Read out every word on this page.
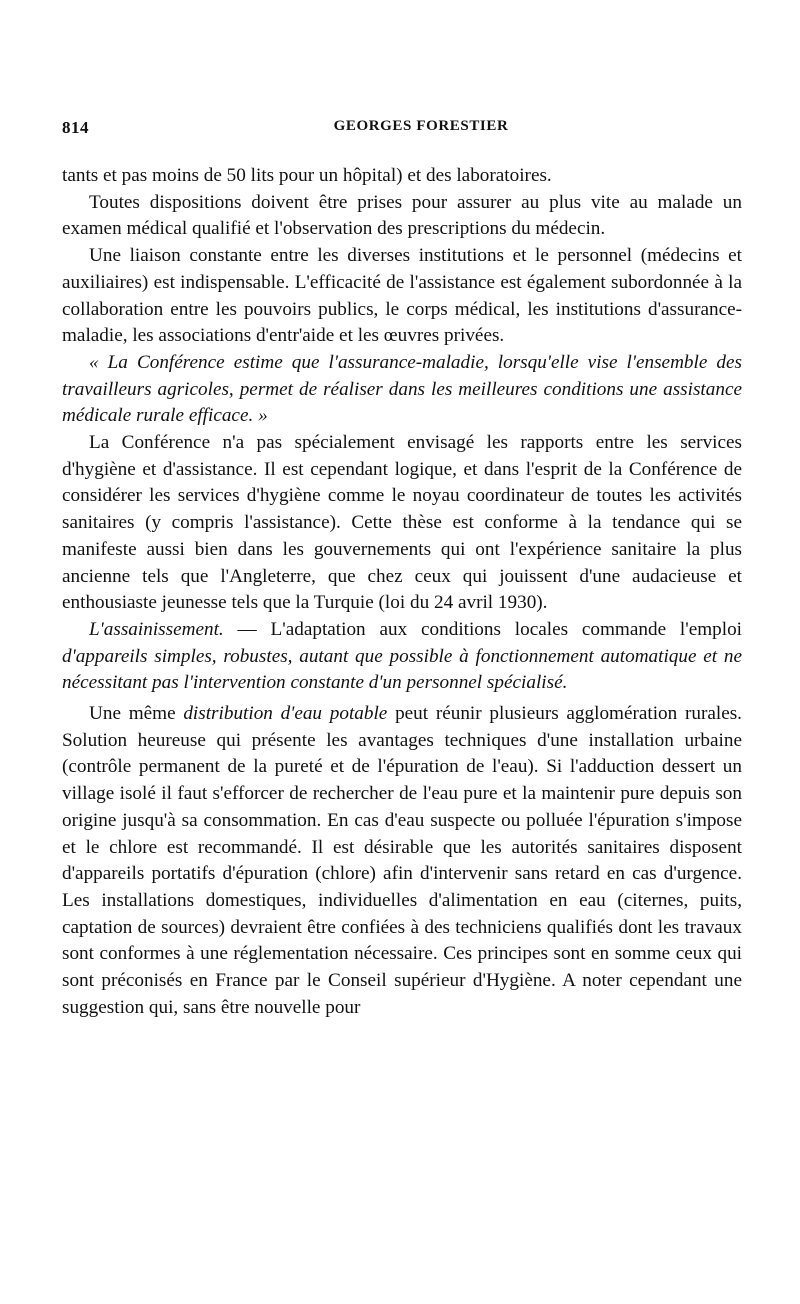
814	GEORGES FORESTIER

tants et pas moins de 50 lits pour un hôpital) et des laboratoires.

Toutes dispositions doivent être prises pour assurer au plus vite au malade un examen médical qualifié et l'observation des prescriptions du médecin.

Une liaison constante entre les diverses institutions et le personnel (médecins et auxiliaires) est indispensable. L'efficacité de l'assistance est également subordonnée à la collaboration entre les pouvoirs publics, le corps médical, les institutions d'assurance-maladie, les associations d'entr'aide et les œuvres privées.

« La Conférence estime que l'assurance-maladie, lorsqu'elle vise l'ensemble des travailleurs agricoles, permet de réaliser dans les meilleures conditions une assistance médicale rurale efficace. »

La Conférence n'a pas spécialement envisagé les rapports entre les services d'hygiène et d'assistance. Il est cependant logique, et dans l'esprit de la Conférence de considérer les services d'hygiène comme le noyau coordinateur de toutes les activités sanitaires (y compris l'assistance). Cette thèse est conforme à la tendance qui se manifeste aussi bien dans les gouvernements qui ont l'expérience sanitaire la plus ancienne tels que l'Angleterre, que chez ceux qui jouissent d'une audacieuse et enthousiaste jeunesse tels que la Turquie (loi du 24 avril 1930).

L'assainissement. — L'adaptation aux conditions locales commande l'emploi d'appareils simples, robustes, autant que possible à fonctionnement automatique et ne nécessitant pas l'intervention constante d'un personnel spécialisé.

Une même distribution d'eau potable peut réunir plusieurs agglomération rurales. Solution heureuse qui présente les avantages techniques d'une installation urbaine (contrôle permanent de la pureté et de l'épuration de l'eau). Si l'adduction dessert un village isolé il faut s'efforcer de rechercher de l'eau pure et la maintenir pure depuis son origine jusqu'à sa consommation. En cas d'eau suspecte ou polluée l'épuration s'impose et le chlore est recommandé. Il est désirable que les autorités sanitaires disposent d'appareils portatifs d'épuration (chlore) afin d'intervenir sans retard en cas d'urgence. Les installations domestiques, individuelles d'alimentation en eau (citernes, puits, captation de sources) devraient être confiées à des techniciens qualifiés dont les travaux sont conformes à une réglementation nécessaire. Ces principes sont en somme ceux qui sont préconisés en France par le Conseil supérieur d'Hygiène. A noter cependant une suggestion qui, sans être nouvelle pour
